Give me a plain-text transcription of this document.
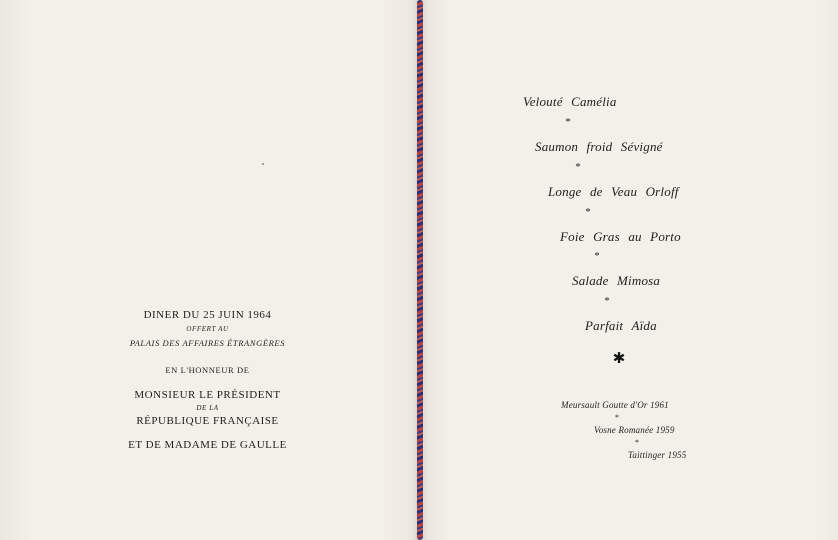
DINER DU 25 JUIN 1964
OFFERT AU
PALAIS DES AFFAIRES ÉTRANGÈRES
EN L'HONNEUR DE
MONSIEUR LE PRÉSIDENT
DE LA
RÉPUBLIQUE FRANÇAISE
ET DE MADAME DE GAULLE
Velouté Camélia
*
Saumon froid Sévigné
*
Longe de Veau Orloff
*
Foie Gras au Porto
*
Salade Mimosa
*
Parfait Aïda
✱
Meursault Goutte d'Or 1961
*
Vosne Romanée 1959
*
Taittinger 1955
